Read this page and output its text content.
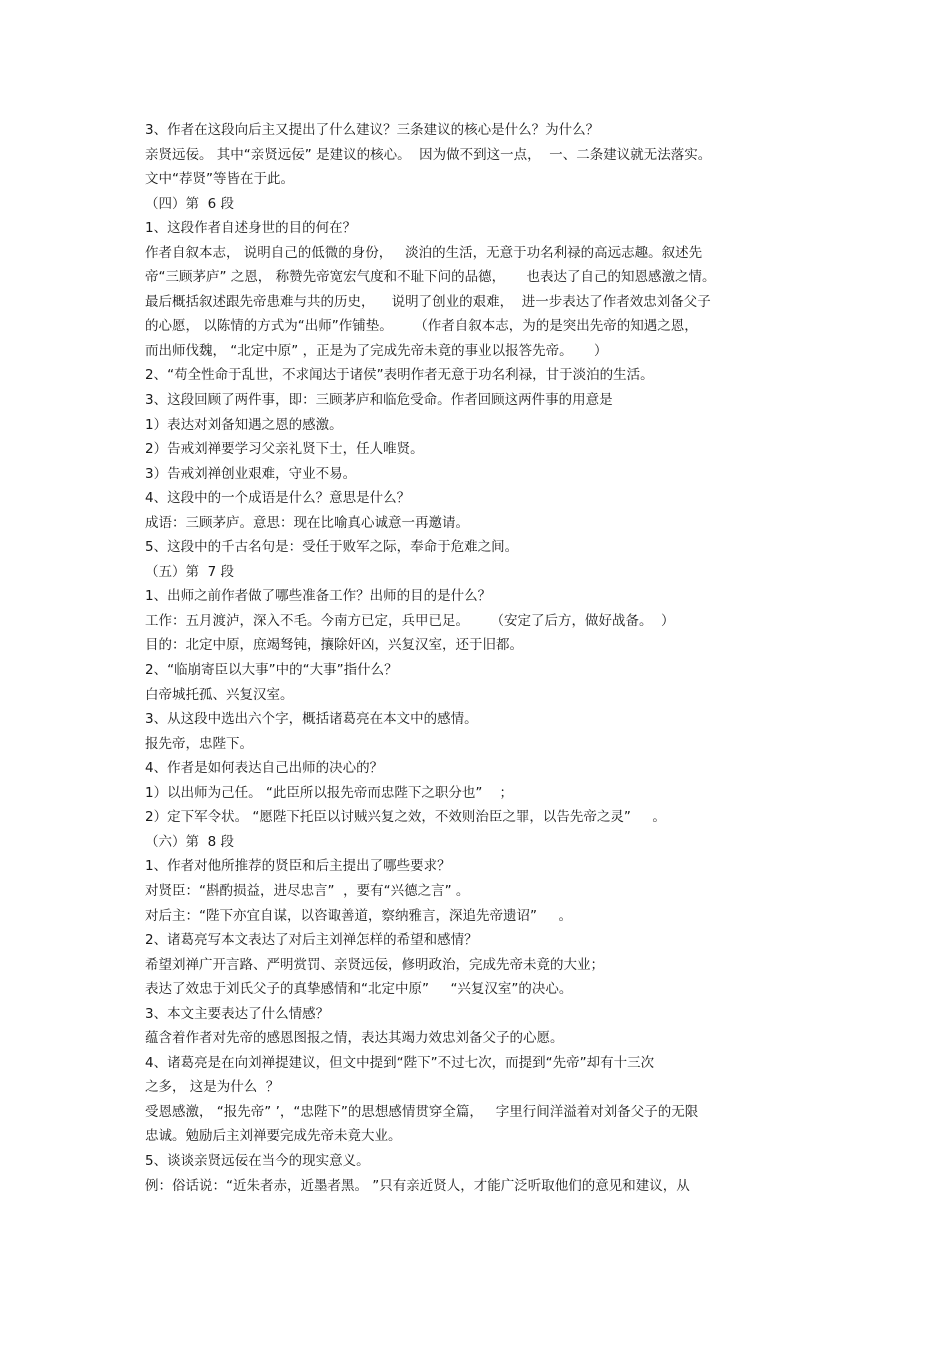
3、作者在这段向后主又提出了什么建议？三条建议的核心是什么？为什么？
亲贤远佞。 其中“亲贤远佞” 是建议的核心。  因为做不到这一点，  一、二条建议就无法落实。
文中“荐贤”等皆在于此。
（四）第  6 段
1、这段作者自述身世的目的何在？
作者自叙本志， 说明自己的低微的身份，   淡泊的生活，无意于功名利禄的高远志趣。叙述先
帝“三顾茅庐” 之恩， 称赞先帝宽宏气度和不耻下问的品德，     也表达了自己的知恩感激之情。
最后概括叙述跟先帝患难与共的历史，    说明了创业的艰难，  进一步表达了作者效忠刘备父子
的心愿， 以陈情的方式为“出师”作铺垫。     （作者自叙本志，为的是突出先帝的知遇之恩，
而出师伐魏， “北定中原” ，正是为了完成先帝未竟的事业以报答先帝。     ）
2、“苟全性命于乱世，不求闻达于诸侯”表明作者无意于功名利禄，甘于淡泊的生活。
3、这段回顾了两件事，即：三顾茅庐和临危受命。作者回顾这两件事的用意是
1）表达对刘备知遇之恩的感激。
2）告戒刘禅要学习父亲礼贤下士，任人唯贤。
3）告戒刘禅创业艰难，守业不易。
4、这段中的一个成语是什么？意思是什么？
成语：三顾茅庐。意思：现在比喻真心诚意一再邀请。
5、这段中的千古名句是：受任于败军之际，奉命于危难之间。
（五）第  7 段
1、出师之前作者做了哪些准备工作？出师的目的是什么？
工作：五月渡泸，深入不毛。今南方已定，兵甲已足。     （安定了后方，做好战备。  ）
目的：北定中原，庶竭驽钝，攘除奸凶，兴复汉室，还于旧都。
2、“临崩寄臣以大事”中的“大事”指什么？
白帝城托孤、兴复汉室。
3、从这段中选出六个字，概括诸葛亮在本文中的感情。
报先帝，忠陛下。
4、作者是如何表达自己出师的决心的？
1）以出师为己任。 “此臣所以报先帝而忠陛下之职分也”    ；
2）定下军令状。 “愿陛下托臣以讨贼兴复之效，不效则治臣之罪，以告先帝之灵”     。
（六）第  8 段
1、作者对他所推荐的贤臣和后主提出了哪些要求？
对贤臣：“斟酌损益，进尽忠言”  ，要有“兴德之言” 。
对后主：“陛下亦宜自谋，以咨诹善道，察纳雅言，深追先帝遗诏”     。
2、诸葛亮写本文表达了对后主刘禅怎样的希望和感情？
希望刘禅广开言路、严明赏罚、亲贤远佞，修明政治，完成先帝未竟的大业；
表达了效忠于刘氏父子的真挚感情和“北定中原”     “兴复汉室”的决心。
3、本文主要表达了什么情感？
蕴含着作者对先帝的感恩图报之情，表达其竭力效忠刘备父子的心愿。
4、诸葛亮是在向刘禅提建议，但文中提到“陛下”不过七次，而提到“先帝”却有十三次
之多， 这是为什么  ？
受恩感激， “报先帝” ’，“忠陛下”的思想感情贯穿全篇，   字里行间洋溢着对刘备父子的无限
忠诚。勉励后主刘禅要完成先帝未竟大业。
5、谈谈亲贤远佞在当今的现实意义。
例：俗话说：“近朱者赤，近墨者黑。 ”只有亲近贤人，才能广泛听取他们的意见和建议，从
